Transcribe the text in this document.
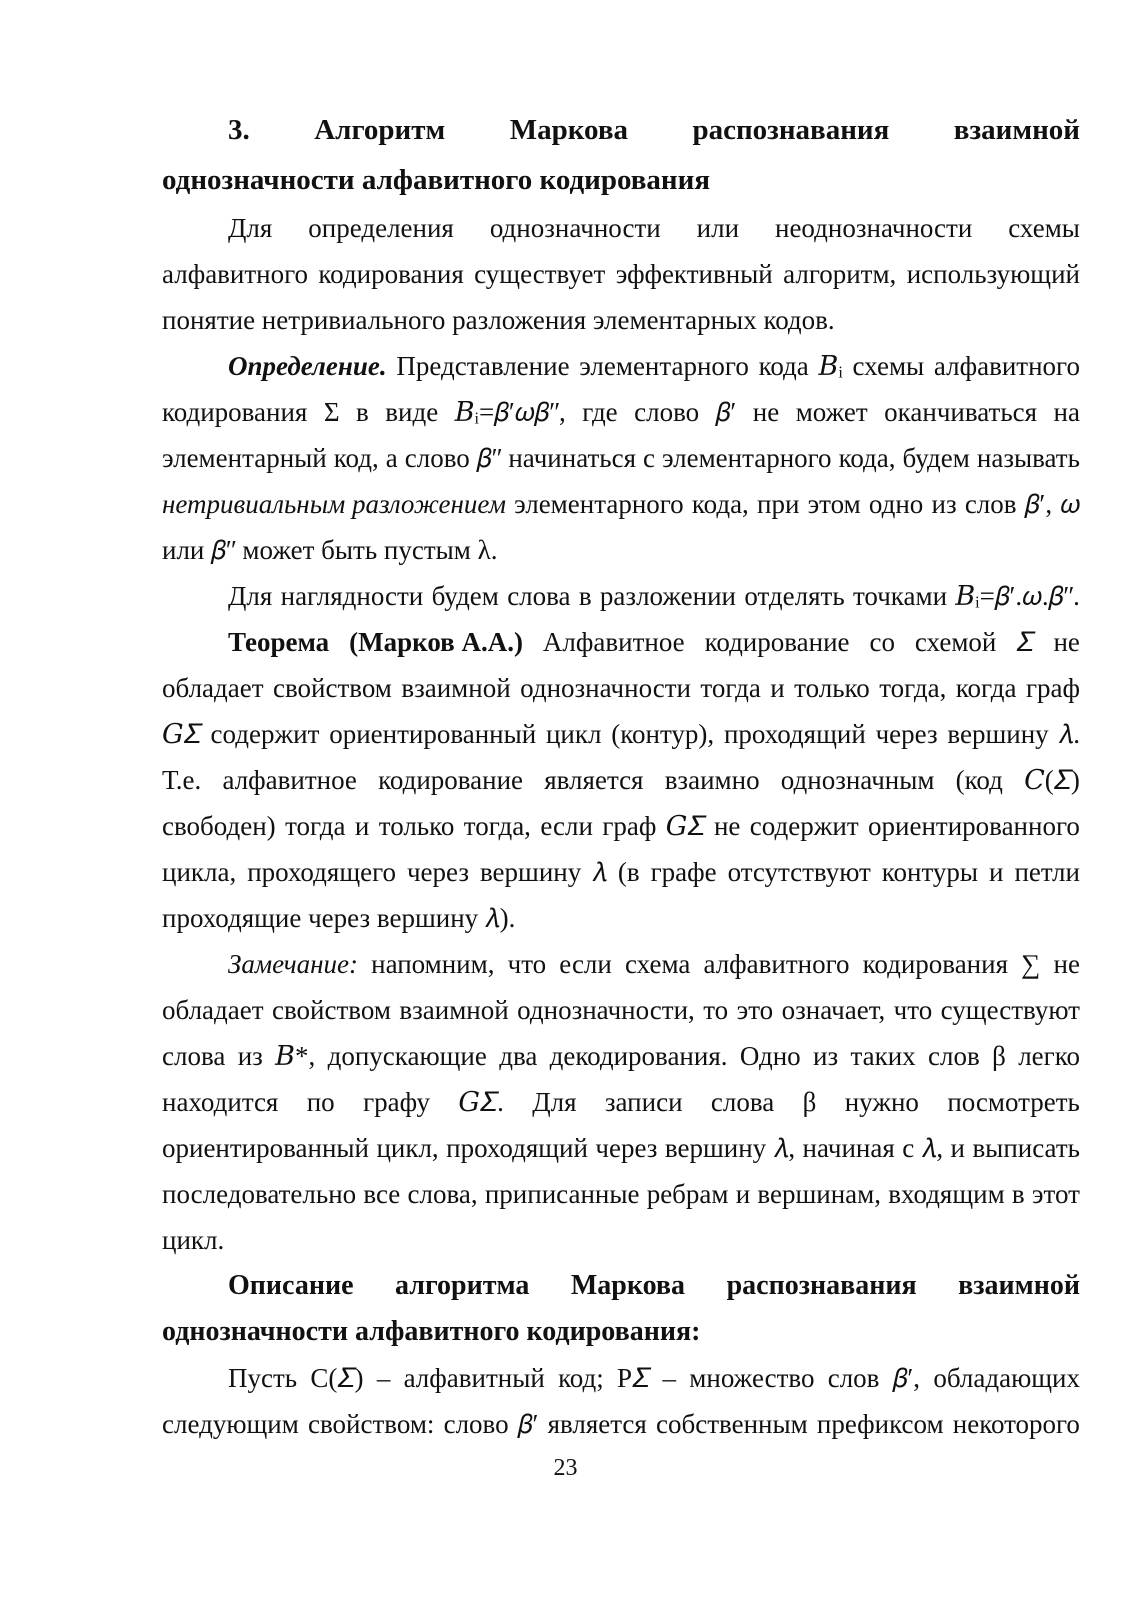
3. Алгоритм Маркова распознавания взаимной
однозначности алфавитного кодирования
Для определения однозначности или неоднозначности схемы
алфавитного кодирования существует эффективный алгоритм, использующий
понятие нетривиального разложения элементарных кодов.
Определение. Представление элементарного кода 𝐵ᵢ схемы алфавитного
кодирования Σ в виде 𝐵ᵢ=𝛽ʹ𝜔𝛽ʺ, где слово 𝛽ʹ не может оканчиваться на
элементарный код, а слово 𝛽ʺ начинаться с элементарного кода, будем называть
нетривиальным разложением элементарного кода, при этом одно из слов 𝛽ʹ, 𝜔
или 𝛽ʺ может быть пустым λ.
Для наглядности будем слова в разложении отделять точками 𝐵ᵢ=𝛽ʹ.𝜔.𝛽ʺ.
Теорема (Марков А.А.) Алфавитное кодирование со схемой 𝛴 не
обладает свойством взаимной однозначности тогда и только тогда, когда граф
𝐺𝛴 содержит ориентированный цикл (контур), проходящий через вершину 𝜆.
Т.е. алфавитное кодирование является взаимно однозначным (код 𝐶(𝛴)
свободен) тогда и только тогда, если граф 𝐺𝛴 не содержит ориентированного
цикла, проходящего через вершину 𝜆 (в графе отсутствуют контуры и петли
проходящие через вершину 𝜆).
Замечание: напомним, что если схема алфавитного кодирования ∑ не
обладает свойством взаимной однозначности, то это означает, что существуют
слова из 𝐵*, допускающие два декодирования. Одно из таких слов β легко
находится по графу 𝐺𝛴. Для записи слова β нужно посмотреть
ориентированный цикл, проходящий через вершину 𝜆, начиная с 𝜆, и выписать
последовательно все слова, приписанные ребрам и вершинам, входящим в этот
цикл.
Описание алгоритма Маркова распознавания взаимной
однозначности алфавитного кодирования:
Пусть C(𝛴) – алфавитный код; P𝛴 – множество слов 𝛽′, обладающих
следующим свойством: слово 𝛽′ является собственным префиксом некоторого
23
